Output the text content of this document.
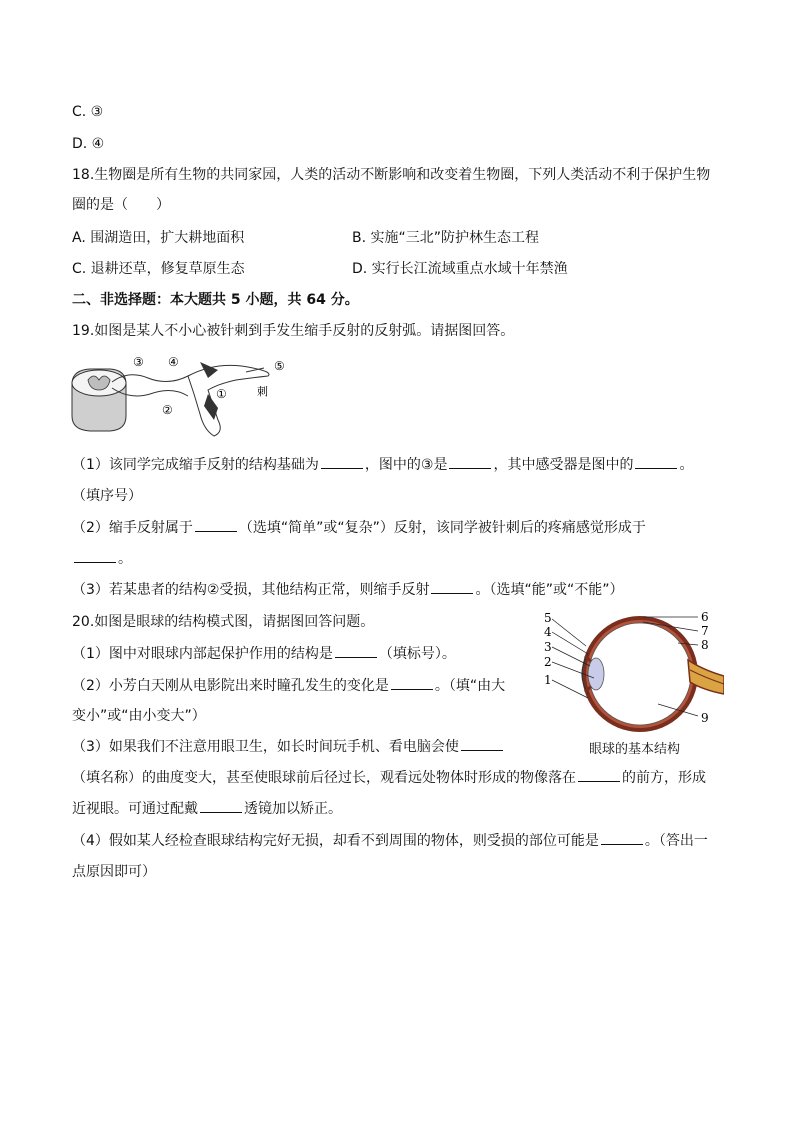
C. ③
D. ④
18.生物圈是所有生物的共同家园，人类的活动不断影响和改变着生物圈，下列人类活动不利于保护生物
圈的是（　　）
A. 围湖造田，扩大耕地面积	B. 实施“三北”防护林生态工程
C. 退耕还草，修复草原生态	D. 实行长江流域重点水域十年禁渔
二、非选择题：本大题共 5 小题，共 64 分。
19.如图是某人不小心被针刺到手发生缩手反射的反射弧。请据图回答。
③ ④	⑤
②
①	刺
（1）该同学完成缩手反射的结构基础为	，图中的③是	，其中感受器是图中的	。
（填序号）
（2）缩手反射属于	（选填“简单”或“复杂”）反射，该同学被针刺后的疼痛感觉形成于
。
（3）若某患者的结构②受损，其他结构正常，则缩手反射	。（选填“能”或“不能”）
20.如图是眼球的结构模式图，请据图回答问题。
（1）图中对眼球内部起保护作用的结构是	（填标号）。
（2）小芳白天刚从电影院出来时瞳孔发生的变化是	。（填“由大
变小”或“由小变大”）
（3）如果我们不注意用眼卫生，如长时间玩手机、看电脑会使
（填名称）的曲度变大，甚至使眼球前后径过长，观看远处物体时形成的物像落在	的前方，形成
近视眼。可通过配戴	透镜加以矫正。
（4）假如某人经检查眼球结构完好无损，却看不到周围的物体，则受损的部位可能是	。（答出一
点原因即可）
5
4
3
2
1
6
7
8
9
眼球的基本结构
